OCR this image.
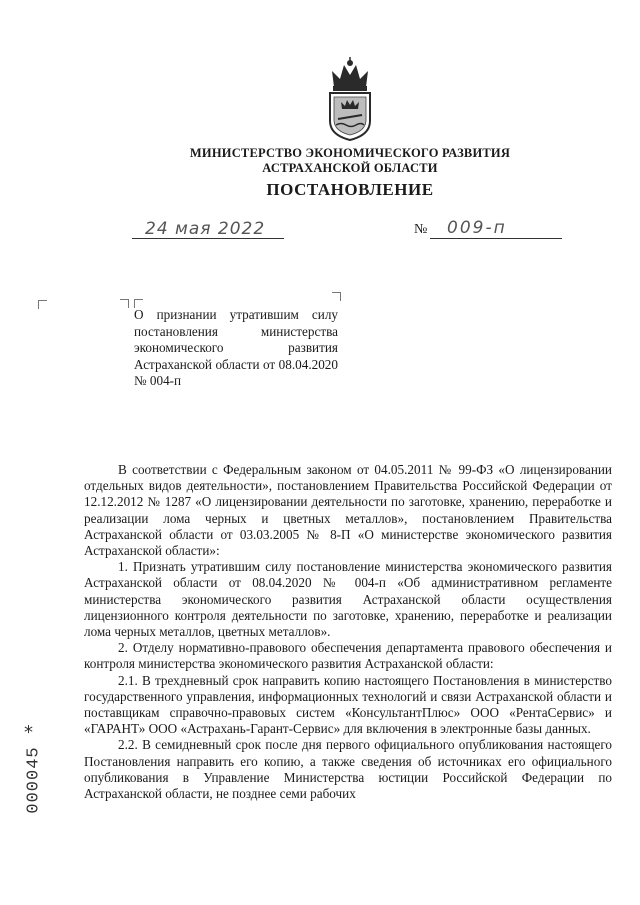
МИНИСТЕРСТВО ЭКОНОМИЧЕСКОГО РАЗВИТИЯ
АСТРАХАНСКОЙ ОБЛАСТИ
ПОСТАНОВЛЕНИЕ
24 мая 2022	№ 009-п
О признании утратившим силу постановления министерства экономического развития Астраханской области от 08.04.2020 № 004-п

В соответствии с Федеральным законом от 04.05.2011 № 99-ФЗ «О лицензировании отдельных видов деятельности», постановлением Правительства Российской Федерации от 12.12.2012 № 1287 «О лицензировании деятельности по заготовке, хранению, переработке и реализации лома черных и цветных металлов», постановлением Правительства Астраханской области от 03.03.2005 № 8-П «О министерстве экономического развития Астраханской области»:

1. Признать утратившим силу постановление министерства экономического развития Астраханской области от 08.04.2020 № 004-п «Об административном регламенте министерства экономического развития Астраханской области осуществления лицензионного контроля деятельности по заготовке, хранению, переработке и реализации лома черных металлов, цветных металлов».

2. Отделу нормативно-правового обеспечения департамента правового обеспечения и контроля министерства экономического развития Астраханской области:

2.1. В трехдневный срок направить копию настоящего Постановления в министерство государственного управления, информационных технологий и связи Астраханской области и поставщикам справочно-правовых систем «КонсультантПлюс» ООО «РентаСервис» и «ГАРАНТ» ООО «Астрахань-Гарант-Сервис» для включения в электронные базы данных.

2.2. В семидневный срок после дня первого официального опубликования настоящего Постановления направить его копию, а также сведения об источниках его официального опубликования в Управление Министерства юстиции Российской Федерации по Астраханской области, не позднее семи рабочих

*
000045
